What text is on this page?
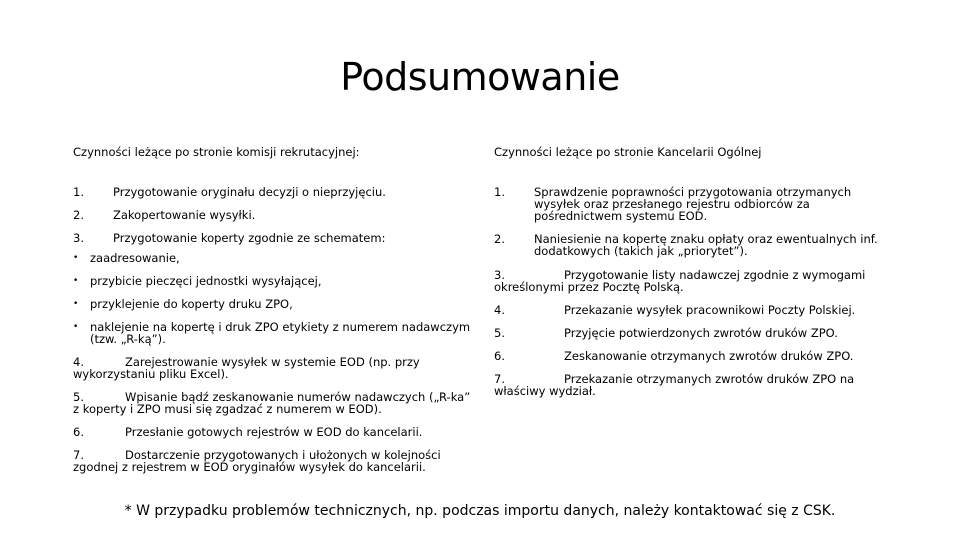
Podsumowanie
Czynności leżące po stronie komisji rekrutacyjnej:
1.	Przygotowanie oryginału decyzji o nieprzyjęciu.
2.	Zakopertowanie wysyłki.
3.	Przygotowanie koperty zgodnie ze schematem:
•	zaadresowanie,
•	przybicie pieczęci jednostki wysyłającej,
•	przyklejenie do koperty druku ZPO,
•	naklejenie na kopertę i druk ZPO etykiety z numerem nadawczym (tzw. „R-ką”).
4.	Zarejestrowanie wysyłek w systemie EOD (np. przy wykorzystaniu pliku Excel).
5.	Wpisanie bądź zeskanowanie numerów nadawczych („R-ka” z koperty i ZPO musi się zgadzać z numerem w EOD).
6.	Przesłanie gotowych rejestrów w EOD do kancelarii.
7.	Dostarczenie przygotowanych i ułożonych w kolejności zgodnej z rejestrem w EOD oryginałów wysyłek do kancelarii.
Czynności leżące po stronie Kancelarii Ogólnej
1.	Sprawdzenie poprawności przygotowania otrzymanych wysyłek oraz przesłanego rejestru odbiorców za pośrednictwem systemu EOD.
2.	Naniesienie na kopertę znaku opłaty oraz ewentualnych inf. dodatkowych (takich jak „priorytet”).
3.	Przygotowanie listy nadawczej zgodnie z wymogami określonymi przez Pocztę Polską.
4.	Przekazanie wysyłek pracownikowi Poczty Polskiej.
5.	Przyjęcie potwierdzonych zwrotów druków ZPO.
6.	Zeskanowanie otrzymanych zwrotów druków ZPO.
7.	Przekazanie otrzymanych zwrotów druków ZPO na właściwy wydział.
* W przypadku problemów technicznych, np. podczas importu danych, należy kontaktować się z CSK.
